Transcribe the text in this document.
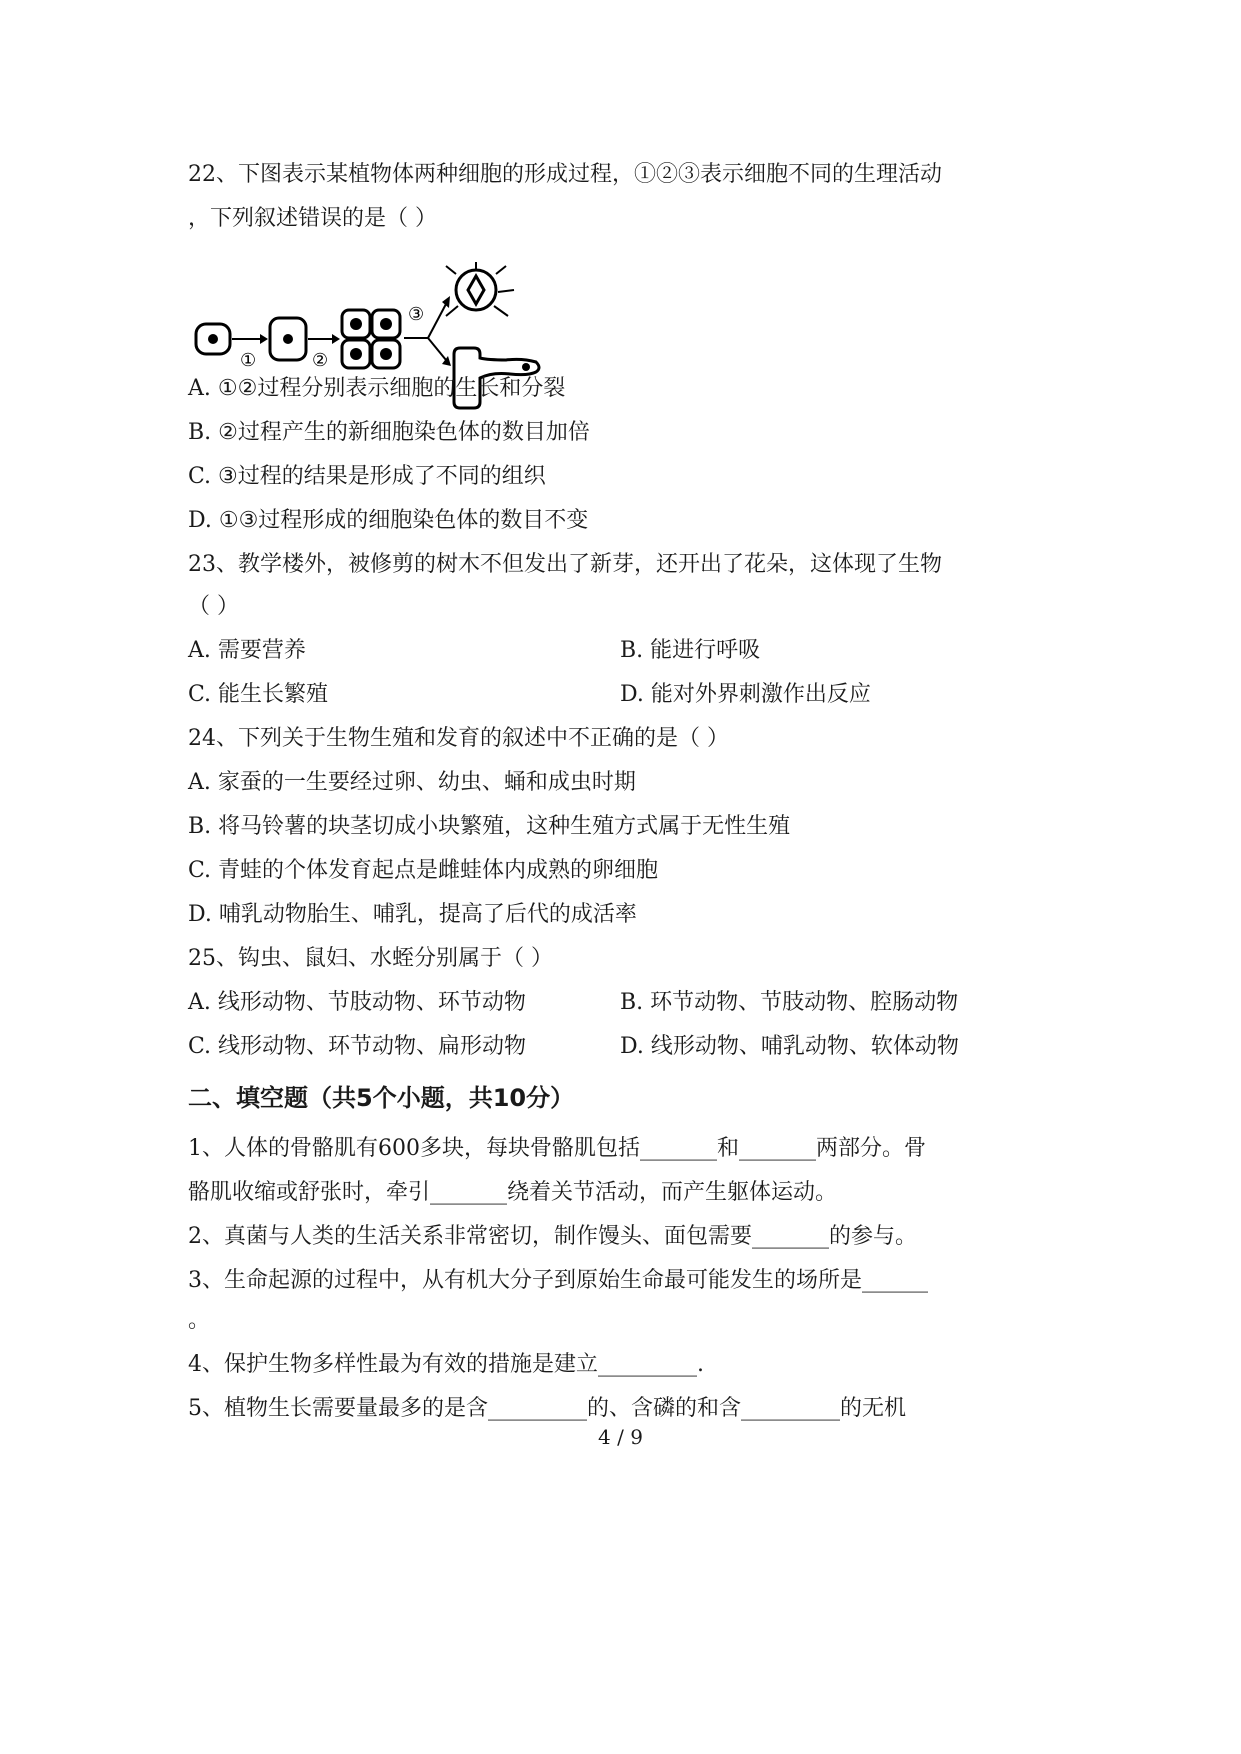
22、下图表示某植物体两种细胞的形成过程，①②③表示细胞不同的生理活动
，下列叙述错误的是（ ）
①	②
③
A. ①②过程分别表示细胞的生长和分裂
B. ②过程产生的新细胞染色体的数目加倍
C. ③过程的结果是形成了不同的组织
D. ①③过程形成的细胞染色体的数目不变
23、教学楼外，被修剪的树木不但发出了新芽，还开出了花朵，这体现了生物
（ ）
A. 需要营养	B. 能进行呼吸
C. 能生长繁殖	D. 能对外界刺激作出反应
24、下列关于生物生殖和发育的叙述中不正确的是（ ）
A. 家蚕的一生要经过卵、幼虫、蛹和成虫时期
B. 将马铃薯的块茎切成小块繁殖，这种生殖方式属于无性生殖
C. 青蛙的个体发育起点是雌蛙体内成熟的卵细胞
D. 哺乳动物胎生、哺乳，提高了后代的成活率
25、钩虫、鼠妇、水蛭分别属于（ ）
A. 线形动物、节肢动物、环节动物	B. 环节动物、节肢动物、腔肠动物
C. 线形动物、环节动物、扁形动物	D. 线形动物、哺乳动物、软体动物
二、填空题（共5个小题，共10分）
1、人体的骨骼肌有600多块，每块骨骼肌包括_______和_______两部分。骨
骼肌收缩或舒张时，牵引_______绕着关节活动，而产生躯体运动。
2、真菌与人类的生活关系非常密切，制作馒头、面包需要_______的参与。
3、生命起源的过程中，从有机大分子到原始生命最可能发生的场所是______
。
4、保护生物多样性最为有效的措施是建立_________.
5、植物生长需要量最多的是含_________的、含磷的和含_________的无机
4 / 9
